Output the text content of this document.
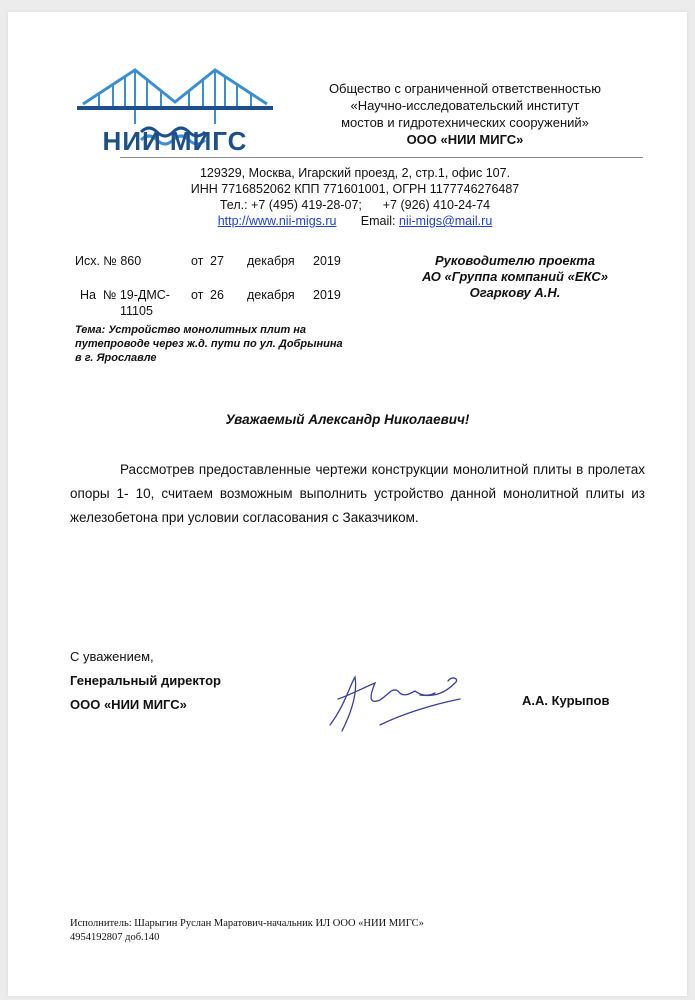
НИИ МИГС
Общество с ограниченной ответственностью
«Научно-исследовательский институт
мостов и гидротехнических сооружений»
ООО «НИИ МИГС»
129329, Москва, Игарский проезд, 2, стр.1, офис 107.
ИНН 7716852062 КПП 771601001, ОГРН 1177746276487
Тел.: +7 (495) 419-28-07; +7 (926) 410-24-74
http://www.nii-migs.ru Email: nii-migs@mail.ru
Исх. № 860	от 27 декабря 2019
На № 19-ДМС-
11105
от 26 декабря 2019
Руководителю проекта
АО «Группа компаний «ЕКС»
Огаркову А.Н.
Тема: Устройство монолитных плит на
путепроводе через ж.д. пути по ул. Добрынина
в г. Ярославле
Уважаемый Александр Николаевич!
Рассмотрев предоставленные чертежи конструкции монолитной плиты в пролетах опоры 1- 10, считаем возможным выполнить устройство данной монолитной плиты из железобетона при условии согласования с Заказчиком.
С уважением,
Генеральный директор
ООО «НИИ МИГС»	А.А. Курыпов
Исполнитель: Шарыгин Руслан Маратович-начальник ИЛ ООО «НИИ МИГС»
4954192807 доб.140
